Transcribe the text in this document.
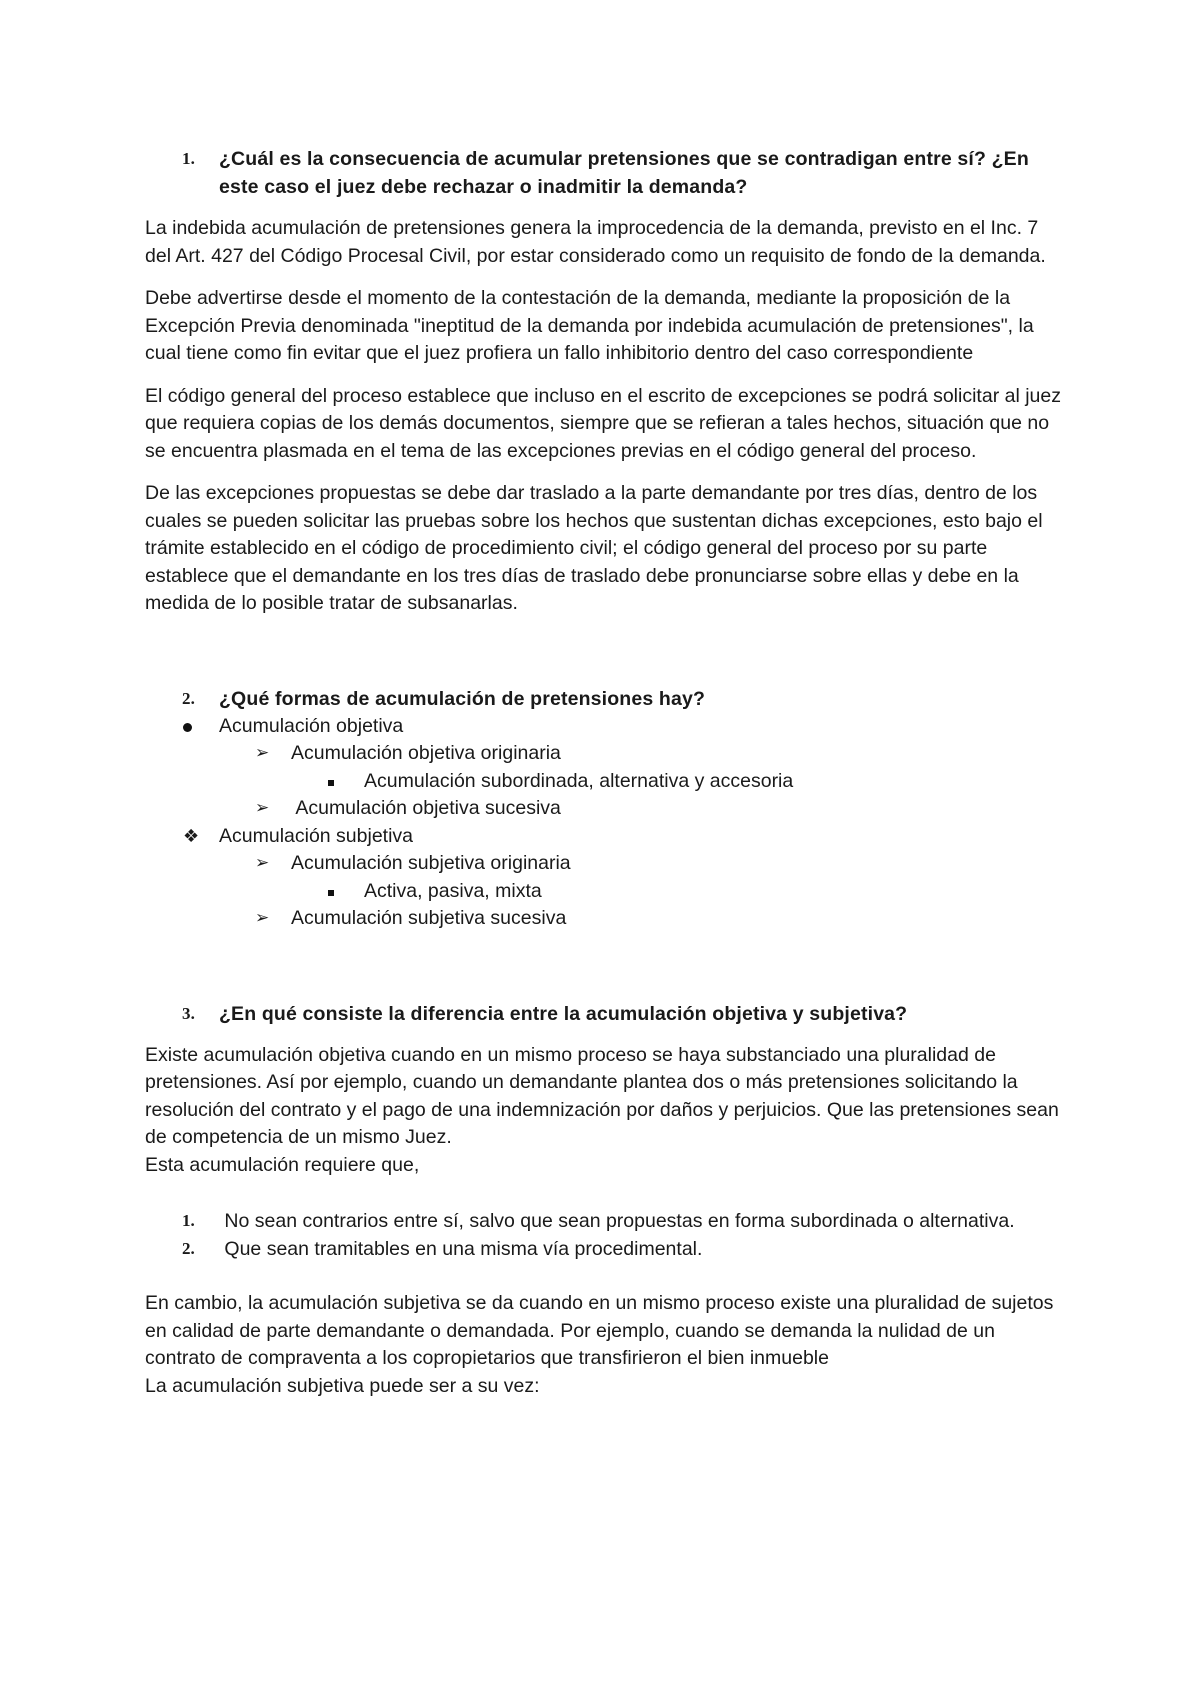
1. ¿Cuál es la consecuencia de acumular pretensiones que se contradigan entre sí? ¿En este caso el juez debe rechazar o inadmitir la demanda?

La indebida acumulación de pretensiones genera la improcedencia de la demanda, previsto en el Inc. 7 del Art. 427 del Código Procesal Civil, por estar considerado como un requisito de fondo de la demanda.

Debe advertirse desde el momento de la contestación de la demanda, mediante la proposición de la Excepción Previa denominada "ineptitud de la demanda por indebida acumulación de pretensiones", la cual tiene como fin evitar que el juez profiera un fallo inhibitorio dentro del caso correspondiente

El código general del proceso establece que incluso en el escrito de excepciones se podrá solicitar al juez que requiera copias de los demás documentos, siempre que se refieran a tales hechos, situación que no se encuentra plasmada en el tema de las excepciones previas en el código general del proceso.

De las excepciones propuestas se debe dar traslado a la parte demandante por tres días, dentro de los cuales se pueden solicitar las pruebas sobre los hechos que sustentan dichas excepciones, esto bajo el trámite establecido en el código de procedimiento civil; el código general del proceso por su parte establece que el demandante en los tres días de traslado debe pronunciarse sobre ellas y debe en la medida de lo posible tratar de subsanarlas.

2. ¿Qué formas de acumulación de pretensiones hay?
Acumulación objetiva
➢ Acumulación objetiva originaria
Acumulación subordinada, alternativa y accesoria
➢ Acumulación objetiva sucesiva
❖ Acumulación subjetiva
➢ Acumulación subjetiva originaria
Activa, pasiva, mixta
➢ Acumulación subjetiva sucesiva
3. ¿En qué consiste la diferencia entre la acumulación objetiva y subjetiva?

Existe acumulación objetiva cuando en un mismo proceso se haya substanciado una pluralidad de pretensiones. Así por ejemplo, cuando un demandante plantea dos o más pretensiones solicitando la resolución del contrato y el pago de una indemnización por daños y perjuicios. Que las pretensiones sean de competencia de un mismo Juez.

Esta acumulación requiere que,

1. No sean contrarios entre sí, salvo que sean propuestas en forma subordinada o alternativa.
2. Que sean tramitables en una misma vía procedimental.

En cambio, la acumulación subjetiva se da cuando en un mismo proceso existe una pluralidad de sujetos en calidad de parte demandante o demandada. Por ejemplo, cuando se demanda la nulidad de un contrato de compraventa a los copropietarios que transfirieron el bien inmueble

La acumulación subjetiva puede ser a su vez:
